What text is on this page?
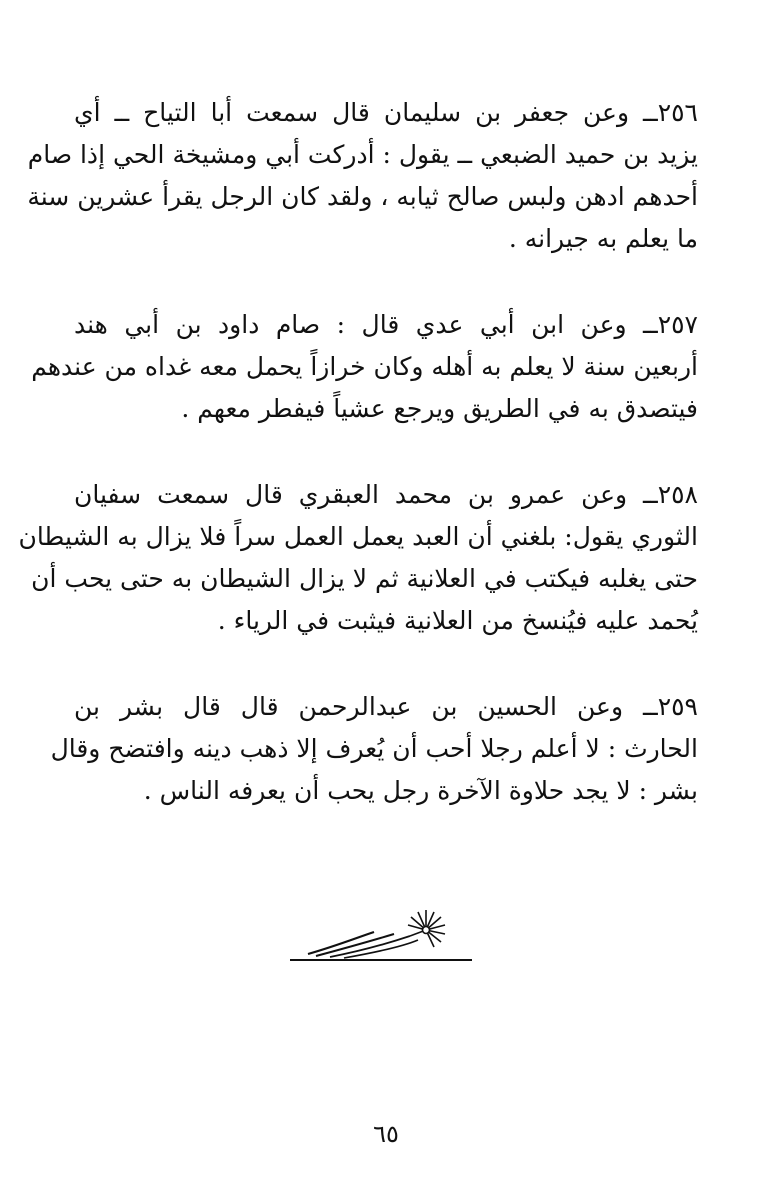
٢٥٦ــ وعن جعفر بن سليمان قال سمعت أبا التياح ــ أي
يزيد بن حميد الضبعي ــ يقول : أدركت أبي ومشيخة الحي إذا صام
أحدهم ادهن ولبس صالح ثيابه ، ولقد كان الرجل يقرأ عشرين سنة
ما يعلم به جيرانه .

٢٥٧ــ وعن ابن أبي عدي قال : صام داود بن أبي هند
أربعين سنة لا يعلم به أهله وكان خرازاً يحمل معه غداه من عندهم
فيتصدق به في الطريق ويرجع عشياً فيفطر معهم .

٢٥٨ــ وعن عمرو بن محمد العبقري قال سمعت سفيان
الثوري يقول: بلغني أن العبد يعمل العمل سراً فلا يزال به الشيطان
حتى يغلبه فيكتب في العلانية ثم لا يزال الشيطان به حتى يحب أن
يُحمد عليه فيُنسخ من العلانية فيثبت في الرياء .

٢٥٩ــ وعن الحسين بن عبدالرحمن قال قال بشر بن
الحارث : لا أعلم رجلا أحب أن يُعرف إلا ذهب دينه وافتضح وقال
بشر : لا يجد حلاوة الآخرة رجل يحب أن يعرفه الناس .

٦٥
